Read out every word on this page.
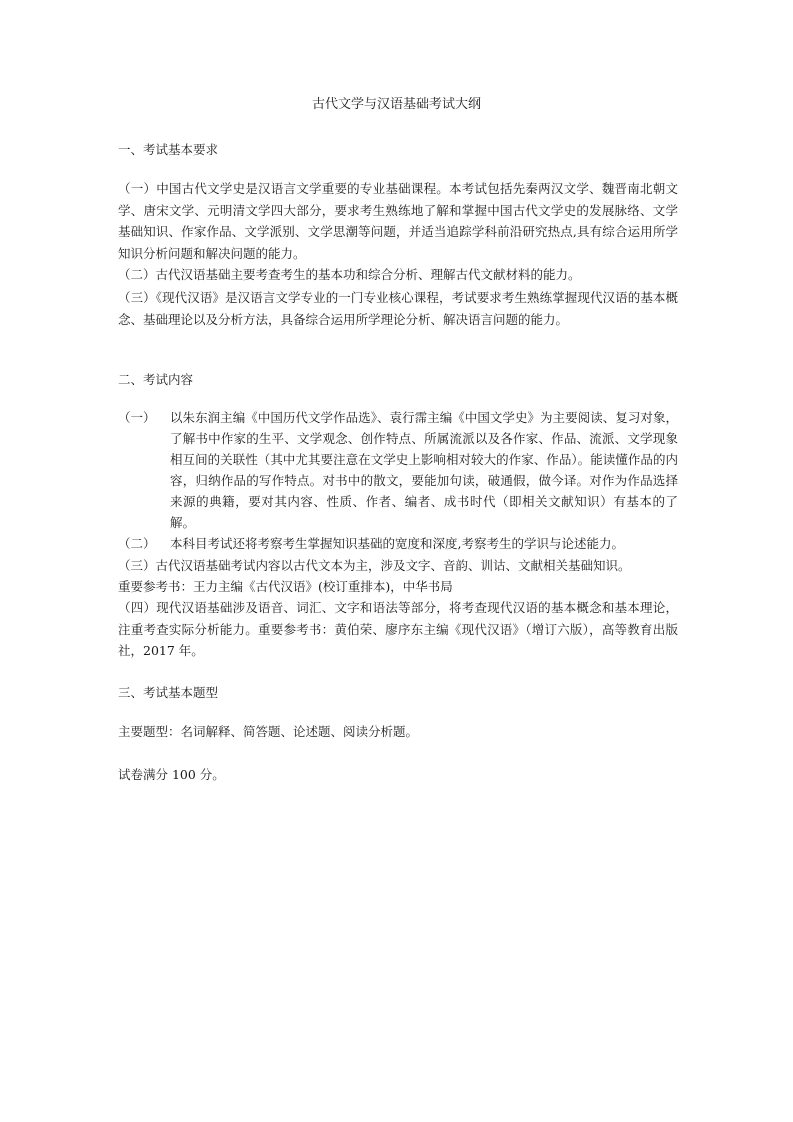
古代文学与汉语基础考试大纲
一、考试基本要求
（一）中国古代文学史是汉语言文学重要的专业基础课程。本考试包括先秦两汉文学、魏晋南北朝文学、唐宋文学、元明清文学四大部分，要求考生熟练地了解和掌握中国古代文学史的发展脉络、文学基础知识、作家作品、文学派别、文学思潮等问题，并适当追踪学科前沿研究热点,具有综合运用所学知识分析问题和解决问题的能力。
（二）古代汉语基础主要考查考生的基本功和综合分析、理解古代文献材料的能力。
（三）《现代汉语》是汉语言文学专业的一门专业核心课程，考试要求考生熟练掌握现代汉语的基本概念、基础理论以及分析方法，具备综合运用所学理论分析、解决语言问题的能力。
二、考试内容
（一） 以朱东润主编《中国历代文学作品选》、袁行霈主编《中国文学史》为主要阅读、复习对象，了解书中作家的生平、文学观念、创作特点、所属流派以及各作家、作品、流派、文学现象相互间的关联性（其中尤其要注意在文学史上影响相对较大的作家、作品）。能读懂作品的内容，归纳作品的写作特点。对书中的散文，要能加句读，破通假，做今译。对作为作品选择来源的典籍，要对其内容、性质、作者、编者、成书时代（即相关文献知识）有基本的了解。
（二） 本科目考试还将考察考生掌握知识基础的宽度和深度,考察考生的学识与论述能力。
（三）古代汉语基础考试内容以古代文本为主，涉及文字、音韵、训诂、文献相关基础知识。
重要参考书：王力主编《古代汉语》(校订重排本)，中华书局
（四）现代汉语基础涉及语音、词汇、文字和语法等部分，将考查现代汉语的基本概念和基本理论，注重考查实际分析能力。重要参考书：黄伯荣、廖序东主编《现代汉语》（增订六版），高等教育出版社，2017 年。
三、考试基本题型
主要题型：名词解释、简答题、论述题、阅读分析题。
试卷满分 100 分。
